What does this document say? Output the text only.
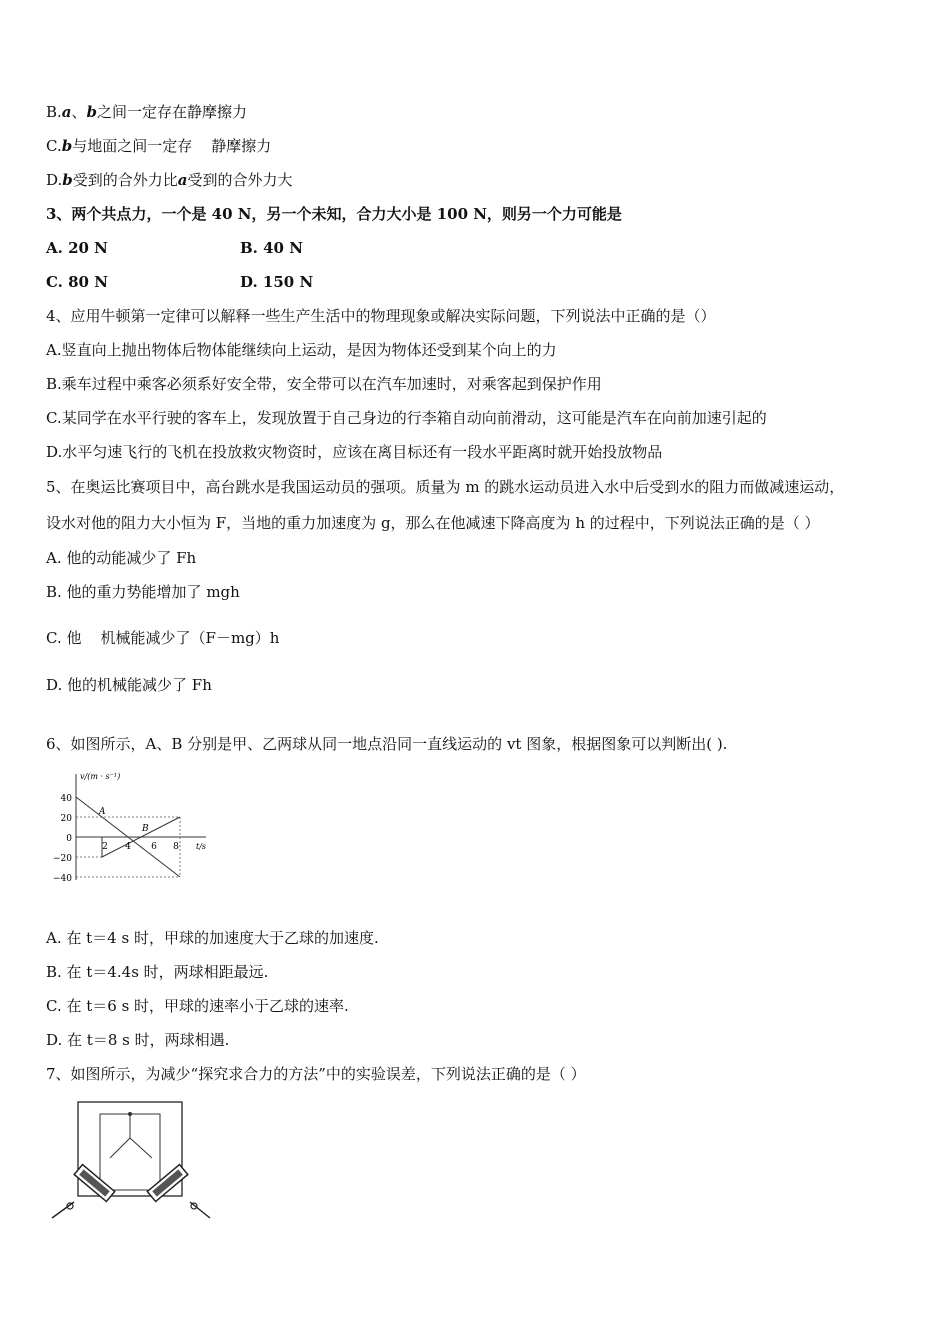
B.a、b之间一定存在静摩擦力
C.b与地面之间一定存    静摩擦力
D.b受到的合外力比a受到的合外力大
3、两个共点力，一个是 40 N，另一个未知，合力大小是 100 N，则另一个力可能是
A. 20 N	B. 40 N
C. 80 N	D. 150 N
4、应用牛顿第一定律可以解释一些生产生活中的物理现象或解决实际问题，下列说法中正确的是（）
A.竖直向上抛出物体后物体能继续向上运动，是因为物体还受到某个向上的力
B.乘车过程中乘客必须系好安全带，安全带可以在汽车加速时，对乘客起到保护作用
C.某同学在水平行驶的客车上，发现放置于自己身边的行李箱自动向前滑动，这可能是汽车在向前加速引起的
D.水平匀速飞行的飞机在投放救灾物资时，应该在离目标还有一段水平距离时就开始投放物品
5、在奥运比赛项目中，高台跳水是我国运动员的强项。质量为 m 的跳水运动员进入水中后受到水的阻力而做减速运动，
设水对他的阻力大小恒为 F，当地的重力加速度为 g，那么在他减速下降高度为 h 的过程中，下列说法正确的是（ ）
A. 他的动能减少了 Fh
B. 他的重力势能增加了 mgh
C. 他    机械能减少了（F－mg）h
D. 他的机械能减少了 Fh
6、如图所示，A、B 分别是甲、乙两球从同一地点沿同一直线运动的 vt 图象，根据图象可以判断出( ).
v/(m · s⁻¹)
t/s
A
B
40
20
0
−20
−40
2 4 6 8
A. 在 t＝4 s 时，甲球的加速度大于乙球的加速度.
B. 在 t＝4.4s 时，两球相距最远.
C. 在 t＝6 s 时，甲球的速率小于乙球的速率.
D. 在 t＝8 s 时，两球相遇.
7、如图所示，为减少“探究求合力的方法”中的实验误差，下列说法正确的是（ ）
